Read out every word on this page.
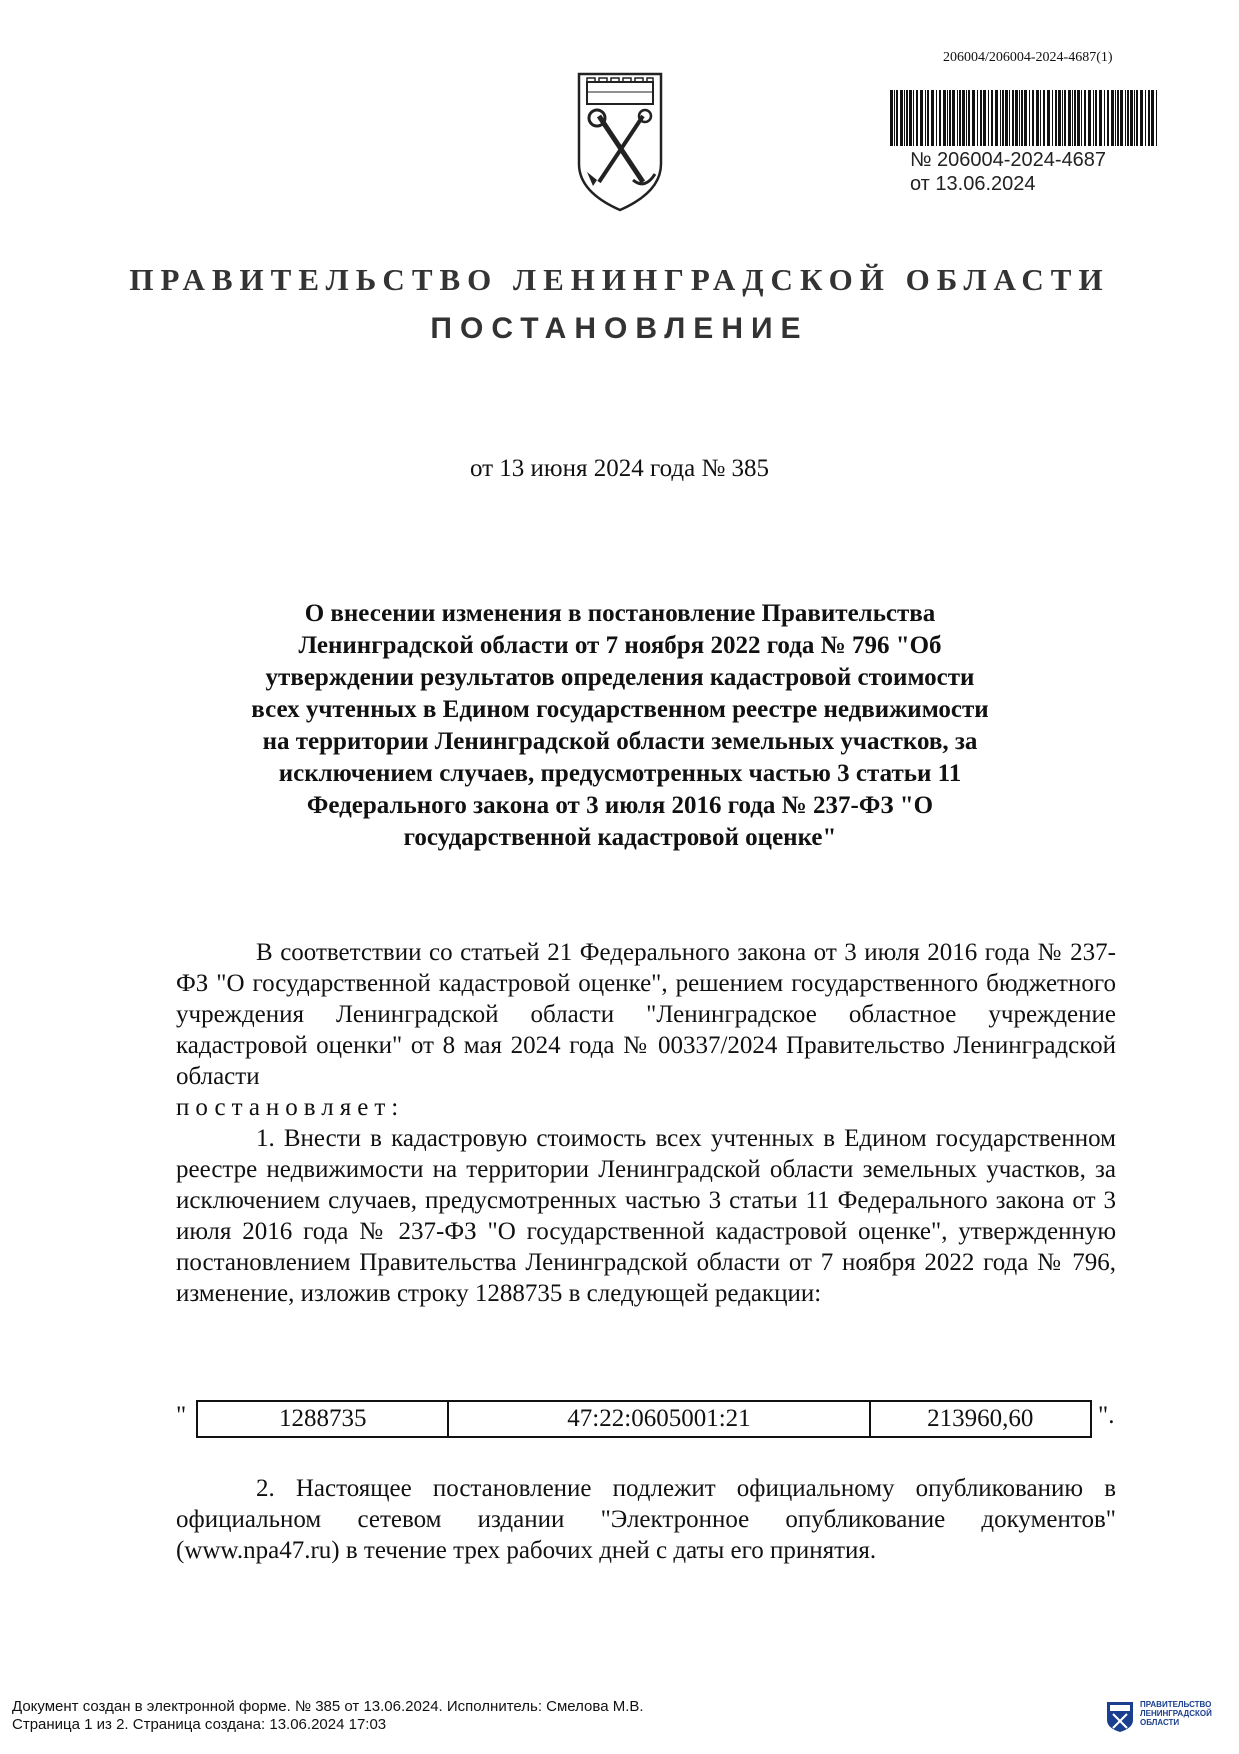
206004/206004-2024-4687(1)
№ 206004-2024-4687
от 13.06.2024
ПРАВИТЕЛЬСТВО ЛЕНИНГРАДСКОЙ ОБЛАСТИ
ПОСТАНОВЛЕНИЕ
от 13 июня 2024 года № 385
О внесении изменения в постановление Правительства Ленинградской области от 7 ноября 2022 года № 796 "Об утверждении результатов определения кадастровой стоимости всех учтенных в Едином государственном реестре недвижимости на территории Ленинградской области земельных участков, за исключением случаев, предусмотренных частью 3 статьи 11 Федерального закона от 3 июля 2016 года № 237-ФЗ "О государственной кадастровой оценке"

В соответствии со статьей 21 Федерального закона от 3 июля 2016 года № 237-ФЗ "О государственной кадастровой оценке", решением государственного бюджетного учреждения Ленинградской области "Ленинградское областное учреждение кадастровой оценки" от 8 мая 2024 года № 00337/2024 Правительство Ленинградской области

постановляет:

1. Внести в кадастровую стоимость всех учтенных в Едином государственном реестре недвижимости на территории Ленинградской области земельных участков, за исключением случаев, предусмотренных частью 3 статьи 11 Федерального закона от 3 июля 2016 года № 237-ФЗ "О государственной кадастровой оценке", утвержденную постановлением Правительства Ленинградской области от 7 ноября 2022 года № 796, изменение, изложив строку 1288735 в следующей редакции:

"	1288735	47:22:0605001:21	213960,60	".

2. Настоящее постановление подлежит официальному опубликованию в официальном сетевом издании "Электронное опубликование документов" (www.npa47.ru) в течение трех рабочих дней с даты его принятия.

Документ создан в электронной форме. № 385 от 13.06.2024. Исполнитель: Смелова М.В.
Страница 1 из 2. Страница создана: 13.06.2024 17:03
ПРАВИТЕЛЬСТВО
ЛЕНИНГРАДСКОЙ
ОБЛАСТИ
